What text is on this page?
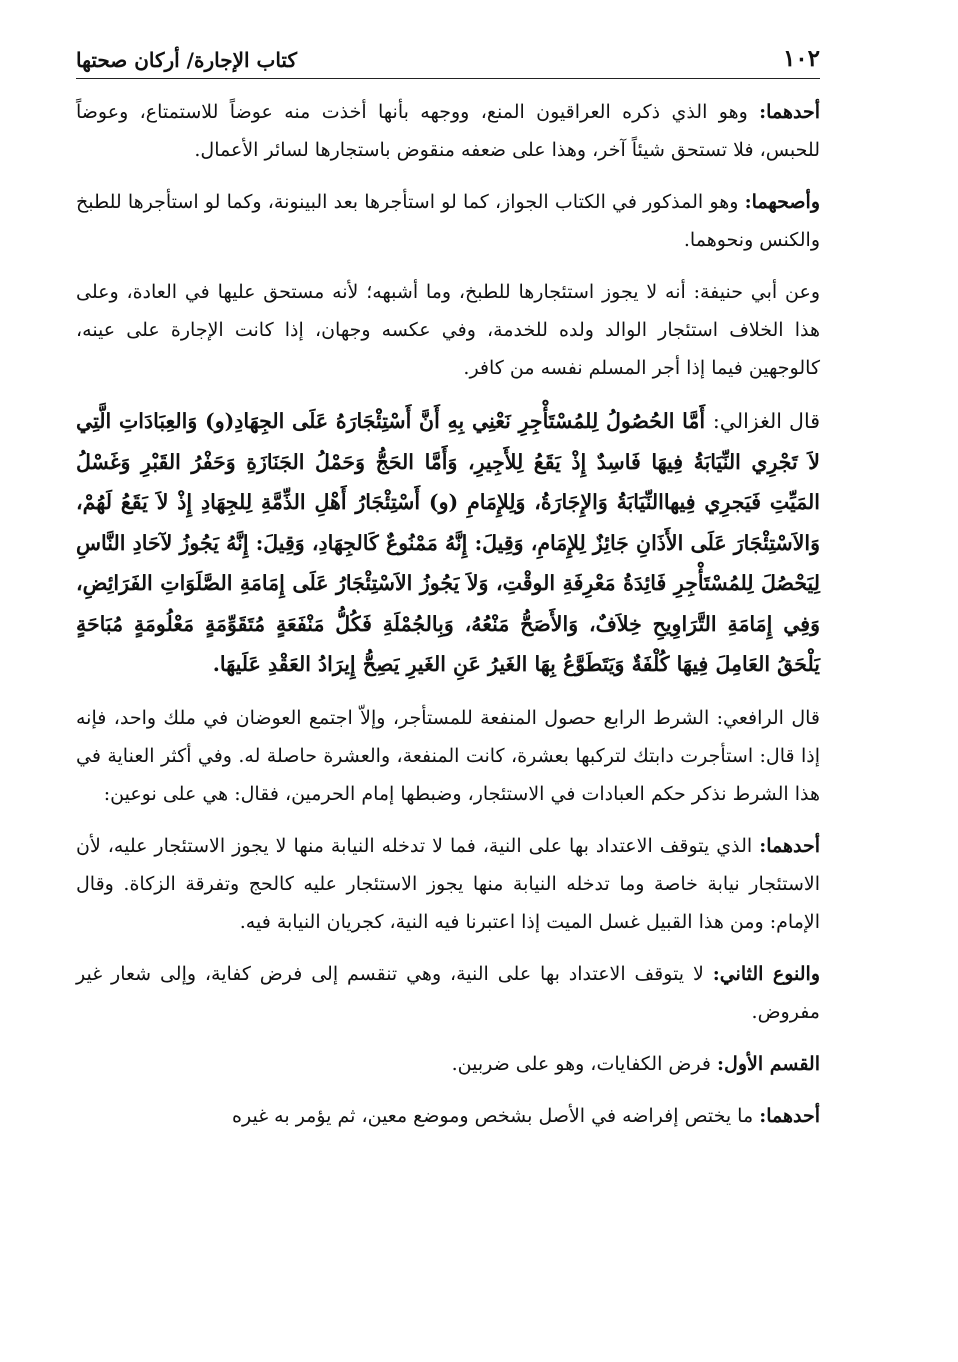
١٠٢
كتاب الإجارة/ أركان صحتها

أحدهما: وهو الذي ذكره العراقيون المنع، ووجهه بأنها أخذت منه عوضاً للاستمتاع، وعوضاً للحبس، فلا تستحق شيئاً آخر، وهذا على ضعفه منقوض باستجارها لسائر الأعمال.

وأصحهما: وهو المذكور في الكتاب الجواز، كما لو استأجرها بعد البينونة، وكما لو استأجرها للطبخ والكنس ونحوهما.

وعن أبي حنيفة: أنه لا يجوز استئجارها للطبخ، وما أشبهه؛ لأنه مستحق عليها في العادة، وعلى هذا الخلاف استئجار الوالد ولده للخدمة، وفي عكسه وجهان، إذا كانت الإجارة على عينه، كالوجهين فيما إذا أجر المسلم نفسه من كافر.

قال الغزالي: أَمَّا الحُصُولُ لِلمُسْتَأْجِرِ نَعْنِي بِهِ أَنَّ أَسْتِئْجَارَهُ عَلَى الجِهَادِ(و) وَالعِبَادَاتِ الَّتِي لاَ تَجْرِي النِّيَابَةُ فِيهَا فَاسِدٌ إِذْ يَقَعُ لِلأَجِيرِ، وَأَمَّا الحَجُّ وَحَمْلُ الجَنَازَةِ وَحَفْرُ القَبْرِ وَغَسْلُ المَيِّتِ فَيَجرِي فِيهاالنِّيَابَةُ وَالإِجَارَةُ، وَلِلإِمَامِ (و) أَسْتِئْجَارُ أَهْلِ الذِّمَّةِ لِلجِهَادِ إِذْ لاَ يَقَعُ لَهُمْ، وَالاَسْتِئْجَارَ عَلَى الأَذَانِ جَائِزٌ لِلإِمَامِ، وَقِيلَ: إِنَّهُ مَمْنُوعٌ كَالجِهَادِ، وَقِيلَ: إِنَّهُ يَجُوزُ لآحَادِ النَّاسِ لِيَحْصُلَ لِلمُسْتَأْجِرِ فَائِدَةُ مَعْرِفَةِ الوقْتِ، وَلاَ يَجُوزُ الاَسْتِئْجَارُ عَلَى إِمَامَةِ الصَّلَوَاتِ الفَرَائِضِ، وَفِي إِمَامَةِ التَّرَاوِيحِ خِلاَفٌ، وَالأَصَحُّ مَنْعُهُ، وَبِالجُمْلَةِ فَكُلُّ مَنْفَعَةٍ مُتَقَوِّمَةٍ مَعْلُومَةٍ مُبَاحَةٍ يَلْحَقُ العَامِلَ فِيهَا كُلْفَةٌ وَيَتَطَوَّعُ بِهَا الغَيرُ عَنِ الغَيرِ يَصِحُّ إِيرَادُ العَقْدِ عَلَيهَا.

قال الرافعي: الشرط الرابع حصول المنفعة للمستأجر، وإلاّ اجتمع العوضان في ملك واحد، فإنه إذا قال: استأجرت دابتك لتركبها بعشرة، كانت المنفعة، والعشرة حاصلة له. وفي أكثر العناية في هذا الشرط نذكر حكم العبادات في الاستئجار، وضبطها إمام الحرمين، فقال: هي على نوعين:

أحدهما: الذي يتوقف الاعتداد بها على النية، فما لا تدخله النيابة منها لا يجوز الاستئجار عليه، لأن الاستئجار نيابة خاصة وما تدخله النيابة منها يجوز الاستئجار عليه كالحج وتفرقة الزكاة. وقال الإمام: ومن هذا القبيل غسل الميت إذا اعتبرنا فيه النية، كجريان النيابة فيه.

والنوع الثاني: لا يتوقف الاعتداد بها على النية، وهي تنقسم إلى فرض كفاية، وإلى شعار غير مفروض.

القسم الأول: فرض الكفايات، وهو على ضربين.

أحدهما: ما يختص إفراضه في الأصل بشخص وموضع معين، ثم يؤمر به غيره
